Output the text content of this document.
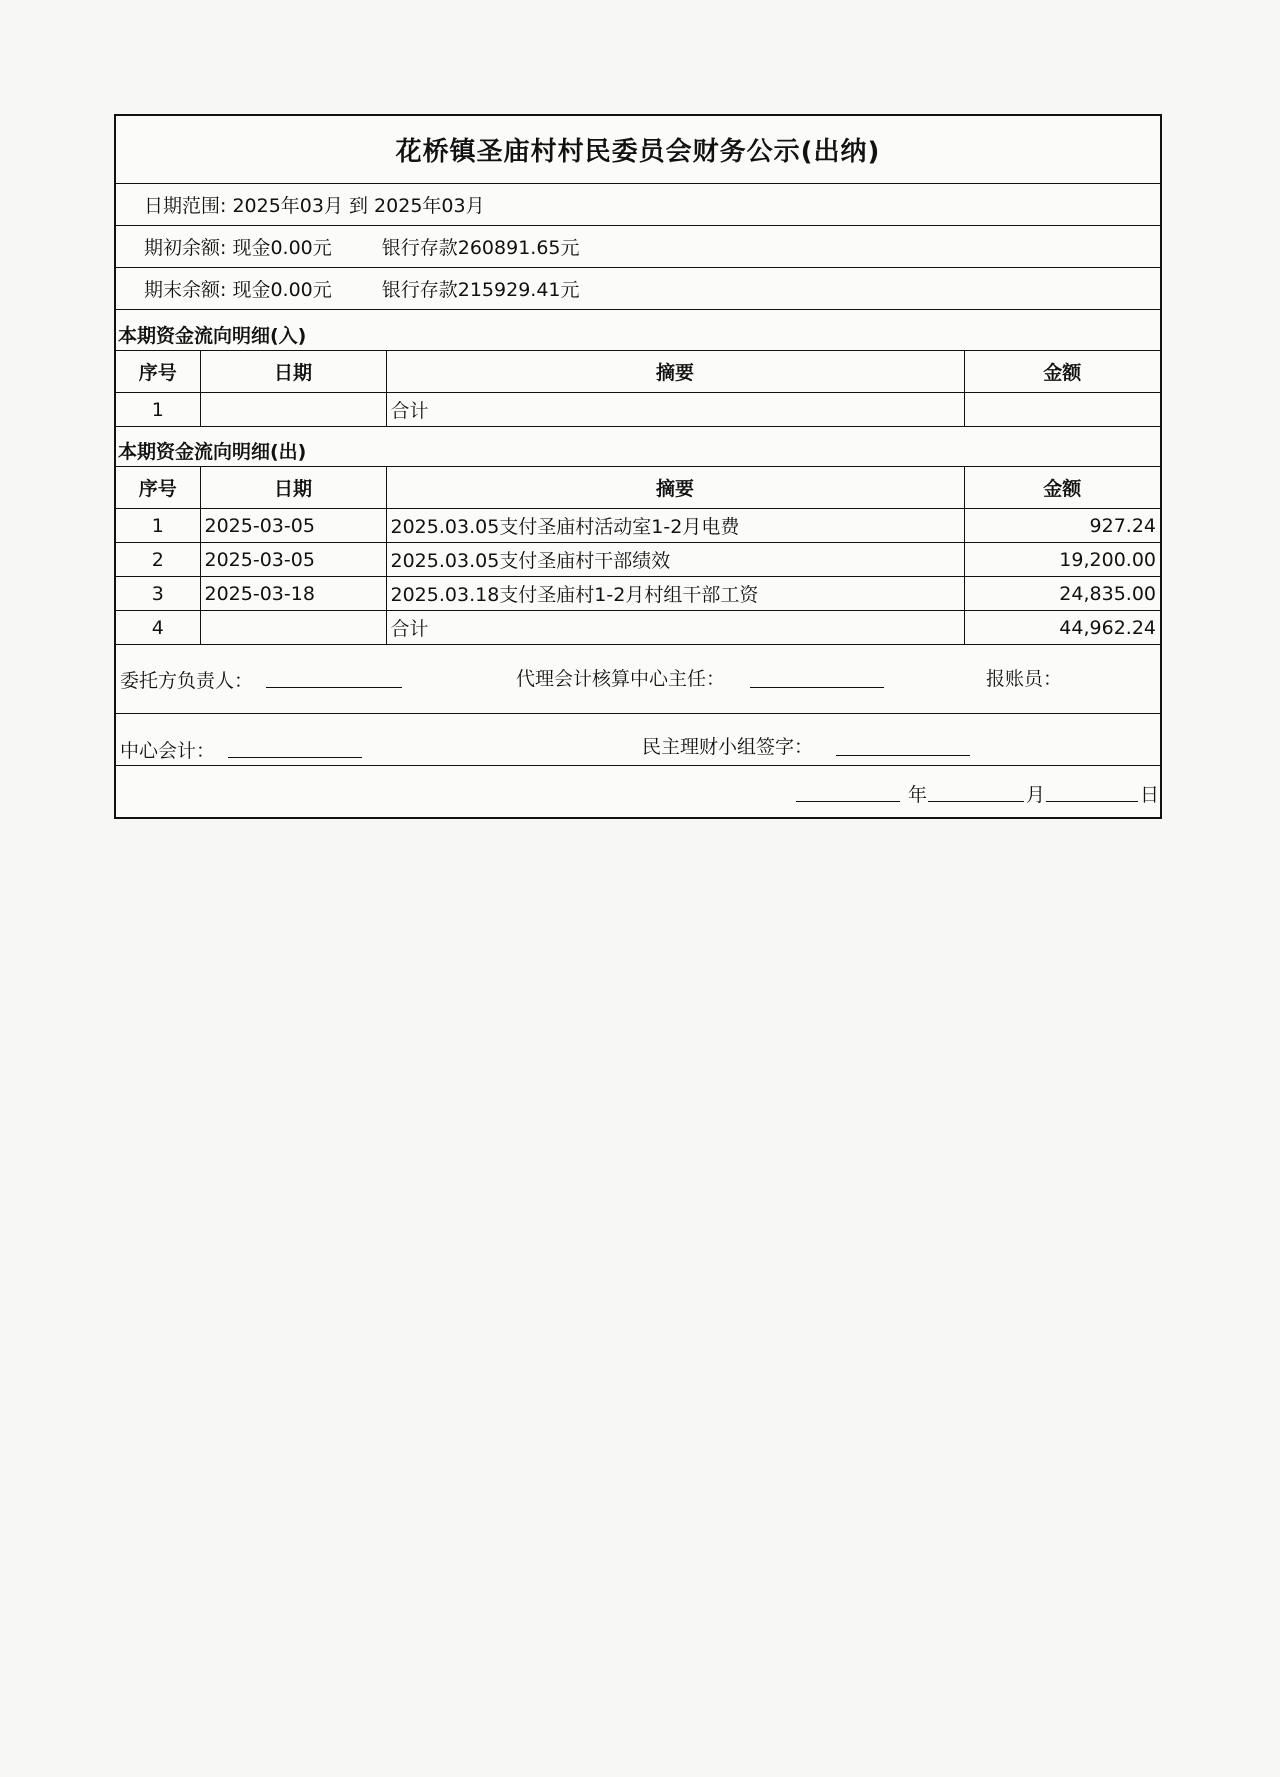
花桥镇圣庙村村民委员会财务公示(出纳)
日期范围: 2025年03月 到 2025年03月
期初余额: 现金0.00元	银行存款260891.65元
期末余额: 现金0.00元	银行存款215929.41元
本期资金流向明细(入)
序号	日期	摘要	金额
1		合计	
本期资金流向明细(出)
序号	日期	摘要	金额
1	2025-03-05	2025.03.05支付圣庙村活动室1-2月电费	927.24
2	2025-03-05	2025.03.05支付圣庙村干部绩效	19,200.00
3	2025-03-18	2025.03.18支付圣庙村1-2月村组干部工资	24,835.00
4		合计	44,962.24
委托方负责人：	代理会计核算中心主任：	报账员：
中心会计：	民主理财小组签字：
年	月	日
